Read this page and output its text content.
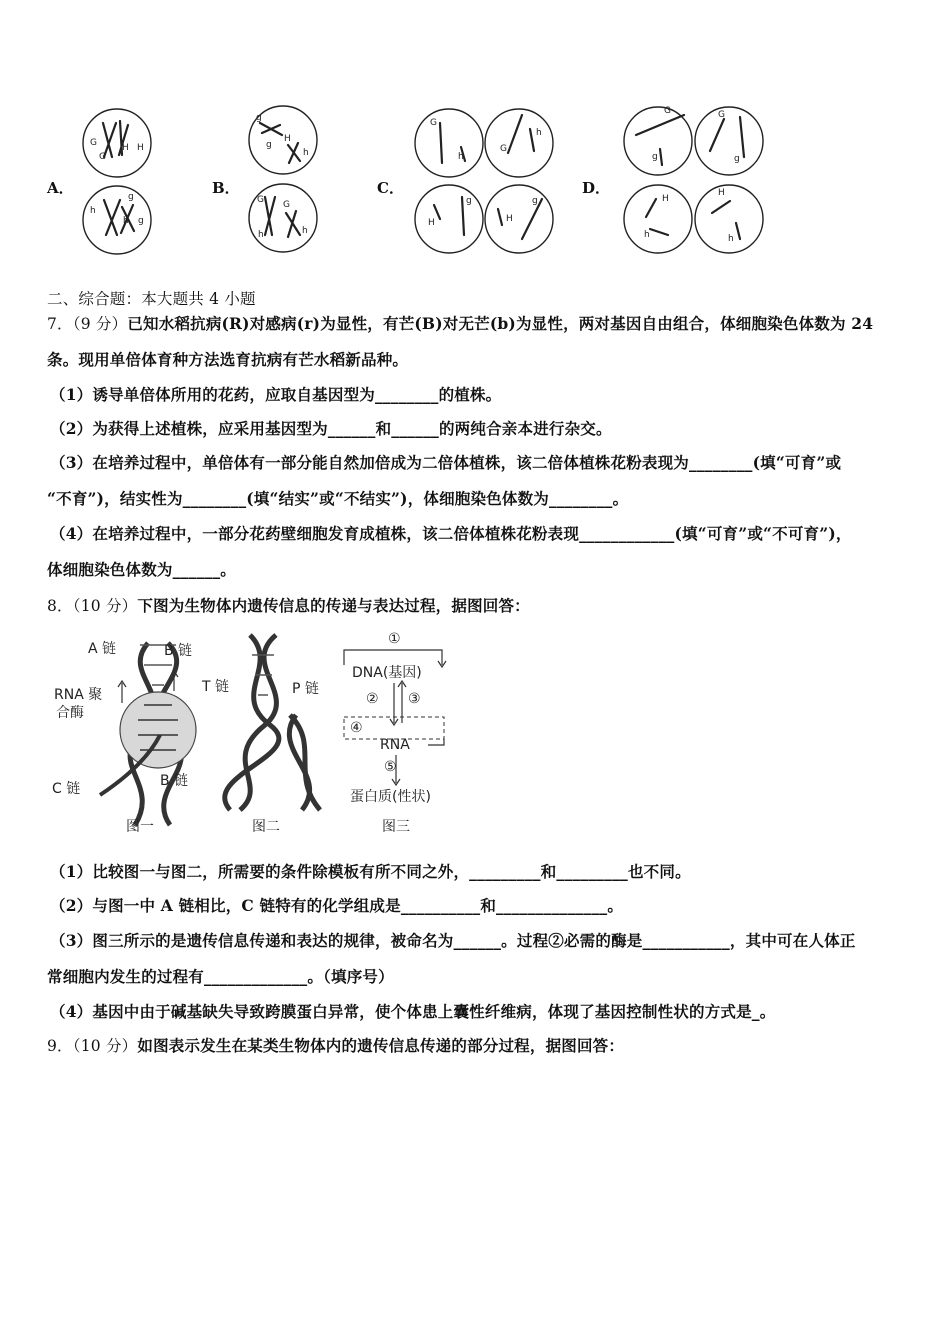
A．	B．	C．	D．
G
G
H H
h
g
g
h
g
g
H
h
G G
h	h
G
h
G
h
g
H	H
g
G
g
G
g
H
h
H
h
二、综合题：本大题共 4 小题
7．（9 分）已知水稻抗病(R)对感病(r)为显性，有芒(B)对无芒(b)为显性，两对基因自由组合，体细胞染色体数为 24
条。现用单倍体育种方法选育抗病有芒水稻新品种。
（1）诱导单倍体所用的花药，应取自基因型为________的植株。
（2）为获得上述植株，应采用基因型为______和______的两纯合亲本进行杂交。
（3）在培养过程中，单倍体有一部分能自然加倍成为二倍体植株，该二倍体植株花粉表现为________(填“可育”或
“不育”)，结实性为________(填“结实”或“不结实”)，体细胞染色体数为________。
（4）在培养过程中，一部分花药壁细胞发育成植株，该二倍体植株花粉表现____________(填“可育”或“不可育”)，
体细胞染色体数为______。
8．（10 分）下图为生物体内遗传信息的传递与表达过程，据图回答：
A 链	B 链
RNA 聚
合酶
C 链	B 链
图一
T 链	P 链
图二
①
DNA(基因)
② ③
④
RNA
⑤
蛋白质(性状)
图三
（1）比较图一与图二，所需要的条件除模板有所不同之外，_________和_________也不同。
（2）与图一中 A 链相比，C 链特有的化学组成是__________和______________。
（3）图三所示的是遗传信息传递和表达的规律，被命名为______。过程②必需的酶是___________，其中可在人体正
常细胞内发生的过程有_____________。（填序号）
（4）基因中由于碱基缺失导致跨膜蛋白异常，使个体患上囊性纤维病，体现了基因控制性状的方式是_。
9．（10 分）如图表示发生在某类生物体内的遗传信息传递的部分过程，据图回答：
